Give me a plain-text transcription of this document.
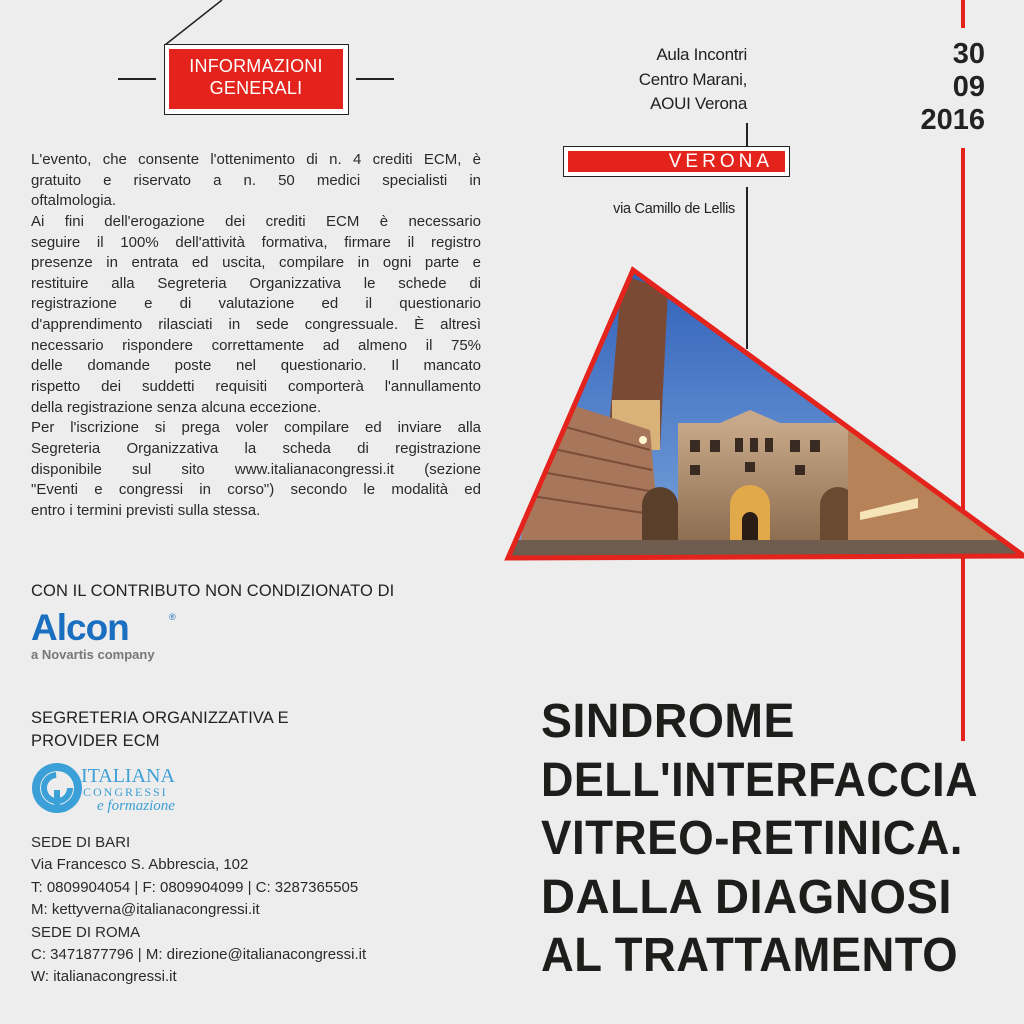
INFORMAZIONI
GENERALI
Aula Incontri
Centro Marani,
AOUI Verona
VERONA
via Camillo de Lellis
30
09
2016
L'evento, che consente l'ottenimento di n. 4 crediti ECM, è
gratuito e riservato a n. 50 medici specialisti in
oftalmologia.
Ai fini dell'erogazione dei crediti ECM è necessario
seguire il 100% dell'attività formativa, firmare il registro
presenze in entrata ed uscita, compilare in ogni parte e
restituire alla Segreteria Organizzativa le schede di
registrazione e di valutazione ed il questionario
d'apprendimento rilasciati in sede congressuale. È altresì
necessario rispondere correttamente ad almeno il 75%
delle domande poste nel questionario. Il mancato
rispetto dei suddetti requisiti comporterà l'annullamento
della registrazione senza alcuna eccezione.
Per l'iscrizione si prega voler compilare ed inviare alla
Segreteria Organizzativa la scheda di registrazione
disponibile sul sito www.italianacongressi.it (sezione
"Eventi e congressi in corso") secondo le modalità ed
entro i termini previsti sulla stessa.
CON IL CONTRIBUTO NON CONDIZIONATO DI
Alcon	®
a Novartis company
SEGRETERIA ORGANIZZATIVA E
PROVIDER ECM
ITALIANA
CONGRESSI
e formazione
SEDE DI BARI
Via Francesco S. Abbrescia, 102
T: 0809904054 | F: 0809904099 | C: 3287365505
M: kettyverna@italianacongressi.it
SEDE DI ROMA
C: 3471877796 | M: direzione@italianacongressi.it
W: italianacongressi.it
SINDROME
DELL'INTERFACCIA
VITREO-RETINICA.
DALLA DIAGNOSI
AL TRATTAMENTO
